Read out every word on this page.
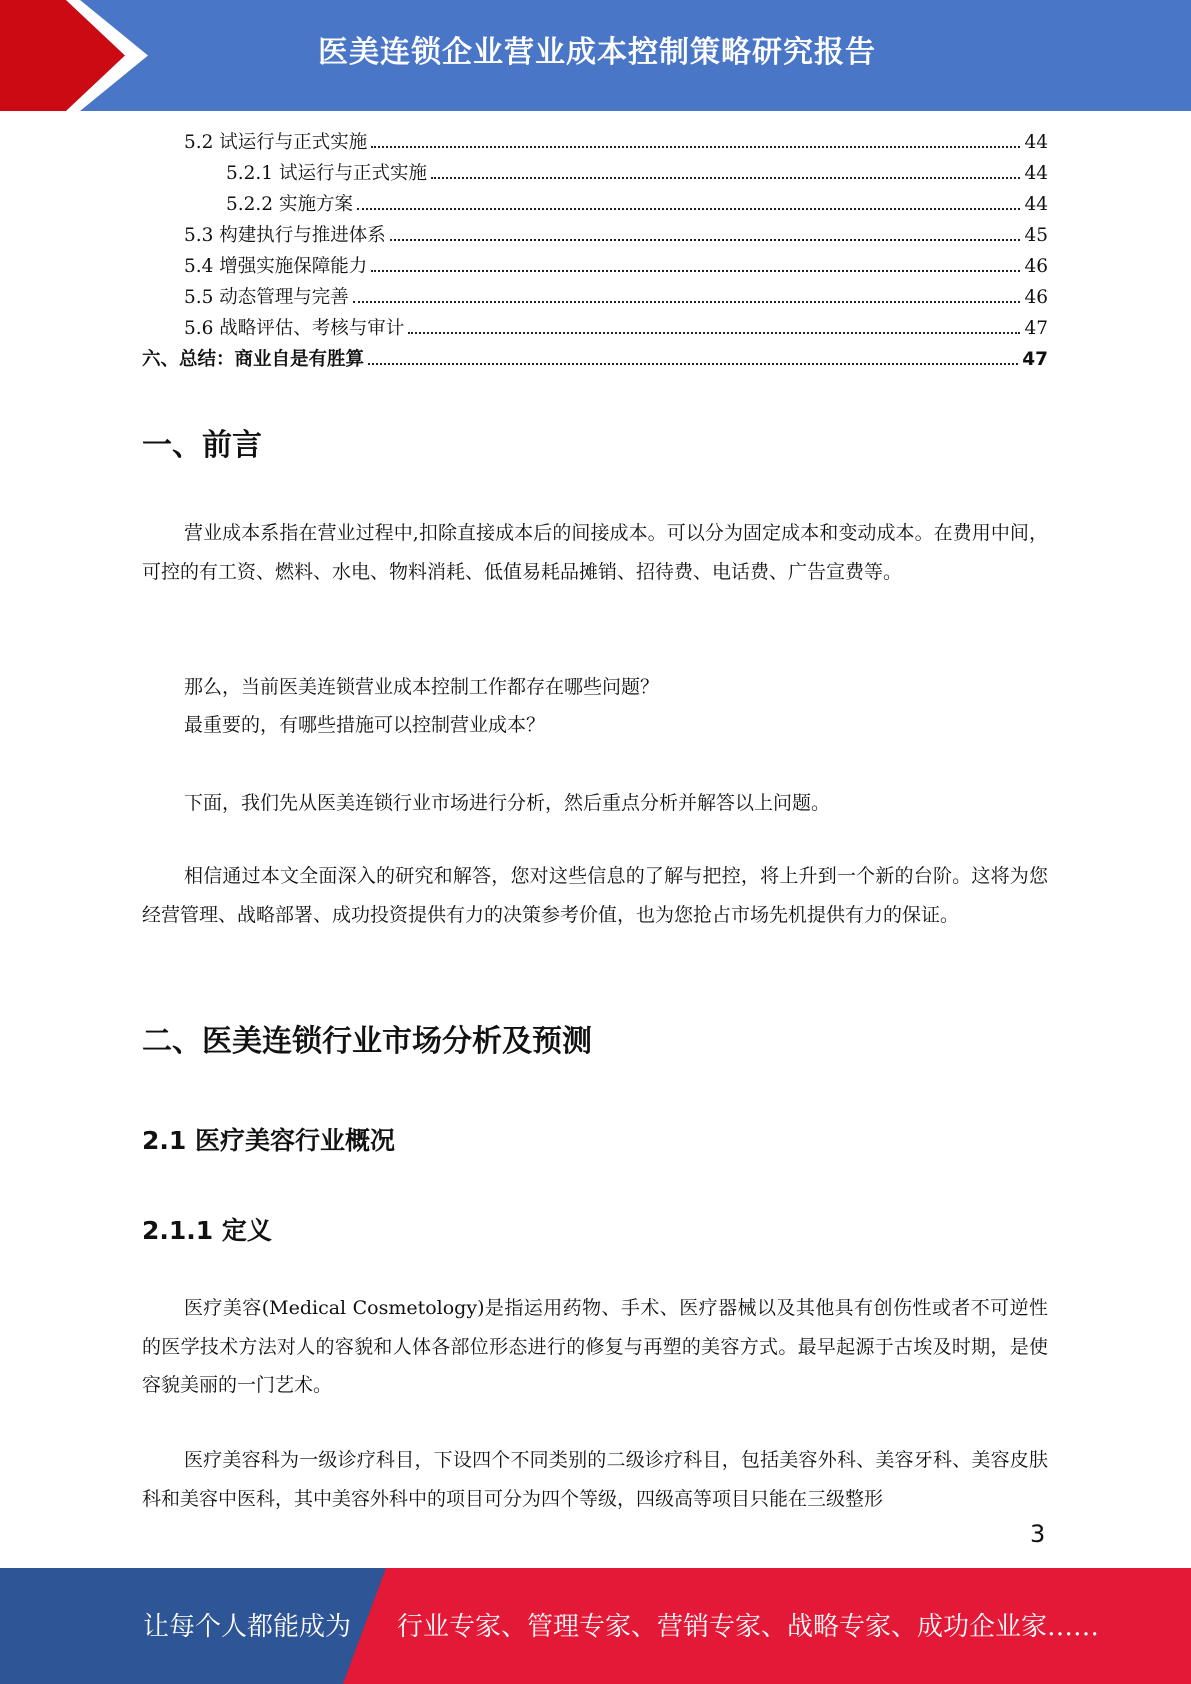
医美连锁企业营业成本控制策略研究报告
5.2 试运行与正式实施	44
5.2.1 试运行与正式实施	44
5.2.2 实施方案	44
5.3 构建执行与推进体系	45
5.4 增强实施保障能力	46
5.5 动态管理与完善	46
5.6 战略评估、考核与审计	47
六、总结：商业自是有胜算	47
一、前言

营业成本系指在营业过程中,扣除直接成本后的间接成本。可以分为固定成本和变动成本。在费用中间，可控的有工资、燃料、水电、物料消耗、低值易耗品摊销、招待费、电话费、广告宣费等。

那么，当前医美连锁营业成本控制工作都存在哪些问题？
最重要的，有哪些措施可以控制营业成本？
下面，我们先从医美连锁行业市场进行分析，然后重点分析并解答以上问题。

相信通过本文全面深入的研究和解答，您对这些信息的了解与把控，将上升到一个新的台阶。这将为您经营管理、战略部署、成功投资提供有力的决策参考价值，也为您抢占市场先机提供有力的保证。

二、医美连锁行业市场分析及预测
2.1 医疗美容行业概况
2.1.1 定义

医疗美容(Medical Cosmetology)是指运用药物、手术、医疗器械以及其他具有创伤性或者不可逆性的医学技术方法对人的容貌和人体各部位形态进行的修复与再塑的美容方式。最早起源于古埃及时期，是使容貌美丽的一门艺术。

医疗美容科为一级诊疗科目，下设四个不同类别的二级诊疗科目，包括美容外科、美容牙科、美容皮肤科和美容中医科，其中美容外科中的项目可分为四个等级，四级高等项目只能在三级整形

3
让每个人都能成为 行业专家、管理专家、营销专家、战略专家、成功企业家……
